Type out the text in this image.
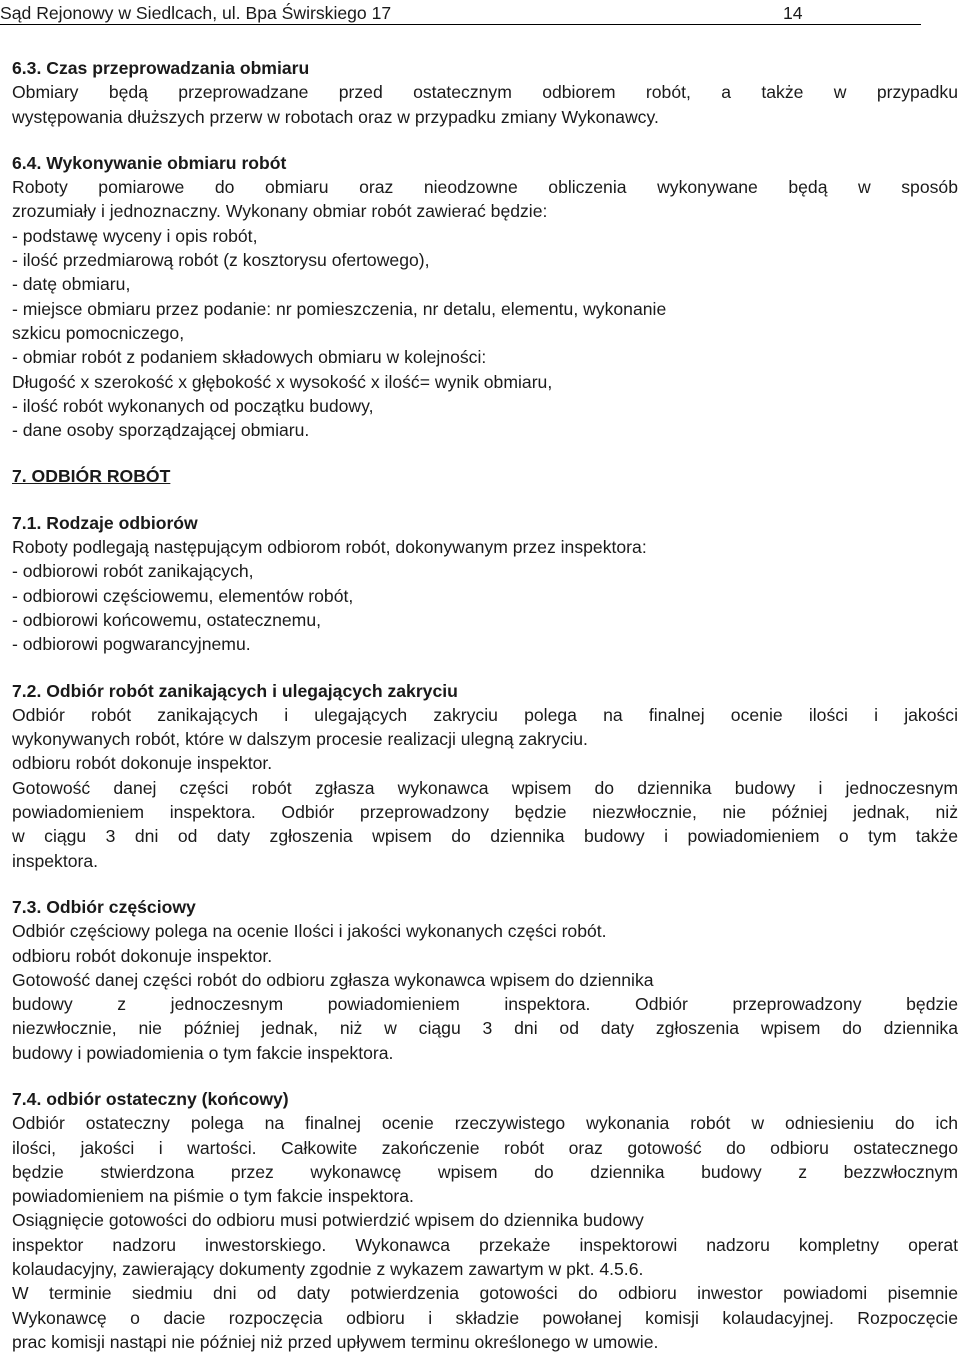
Sąd Rejonowy w Siedlcach, ul. Bpa Świrskiego 17	14
6.3. Czas przeprowadzania obmiaru
Obmiary będą przeprowadzane przed ostatecznym odbiorem robót, a także w przypadku
występowania dłuższych przerw w robotach oraz w przypadku zmiany Wykonawcy.
6.4. Wykonywanie obmiaru robót
Roboty pomiarowe do obmiaru oraz nieodzowne obliczenia wykonywane będą w sposób
zrozumiały i jednoznaczny. Wykonany obmiar robót zawierać będzie:
- podstawę wyceny i opis robót,
- ilość przedmiarową robót (z kosztorysu ofertowego),
- datę obmiaru,
- miejsce obmiaru przez podanie: nr pomieszczenia, nr detalu, elementu, wykonanie
szkicu pomocniczego,
- obmiar robót z podaniem składowych obmiaru w kolejności:
Długość x szerokość x głębokość x wysokość x ilość= wynik obmiaru,
- ilość robót wykonanych od początku budowy,
- dane osoby sporządzającej obmiaru.
7. ODBIÓR ROBÓT
7.1. Rodzaje odbiorów
Roboty podlegają następującym odbiorom robót, dokonywanym przez inspektora:
- odbiorowi robót zanikających,
- odbiorowi częściowemu, elementów robót,
- odbiorowi końcowemu, ostatecznemu,
- odbiorowi pogwarancyjnemu.
7.2. Odbiór robót zanikających i ulegających zakryciu
Odbiór robót zanikających i ulegających zakryciu polega na finalnej ocenie ilości i jakości
wykonywanych robót, które w dalszym procesie realizacji ulegną zakryciu.
odbioru robót dokonuje inspektor.
Gotowość danej części robót zgłasza wykonawca wpisem do dziennika budowy i jednoczesnym
powiadomieniem inspektora. Odbiór przeprowadzony będzie niezwłocznie, nie później jednak, niż
w ciągu 3 dni od daty zgłoszenia wpisem do dziennika budowy i powiadomieniem o tym także
inspektora.
7.3. Odbiór częściowy
Odbiór częściowy polega na ocenie Ilości i jakości wykonanych części robót.
odbioru robót dokonuje inspektor.
Gotowość danej części robót do odbioru zgłasza wykonawca wpisem do dziennika
budowy z jednoczesnym powiadomieniem inspektora. Odbiór przeprowadzony będzie
niezwłocznie, nie później jednak, niż w ciągu 3 dni od daty zgłoszenia wpisem do dziennika
budowy i powiadomienia o tym fakcie inspektora.
7.4. odbiór ostateczny (końcowy)
Odbiór ostateczny polega na finalnej ocenie rzeczywistego wykonania robót w odniesieniu do ich
ilości, jakości i wartości. Całkowite zakończenie robót oraz gotowość do odbioru ostatecznego
będzie stwierdzona przez wykonawcę wpisem do dziennika budowy z bezzwłocznym
powiadomieniem na piśmie o tym fakcie inspektora.
Osiągnięcie gotowości do odbioru musi potwierdzić wpisem do dziennika budowy
inspektor nadzoru inwestorskiego. Wykonawca przekaże inspektorowi nadzoru kompletny operat
kolaudacyjny, zawierający dokumenty zgodnie z wykazem zawartym w pkt. 4.5.6.
W terminie siedmiu dni od daty potwierdzenia gotowości do odbioru inwestor powiadomi pisemnie
Wykonawcę o dacie rozpoczęcia odbioru i składzie powołanej komisji kolaudacyjnej. Rozpoczęcie
prac komisji nastąpi nie później niż przed upływem terminu określonego w umowie.
